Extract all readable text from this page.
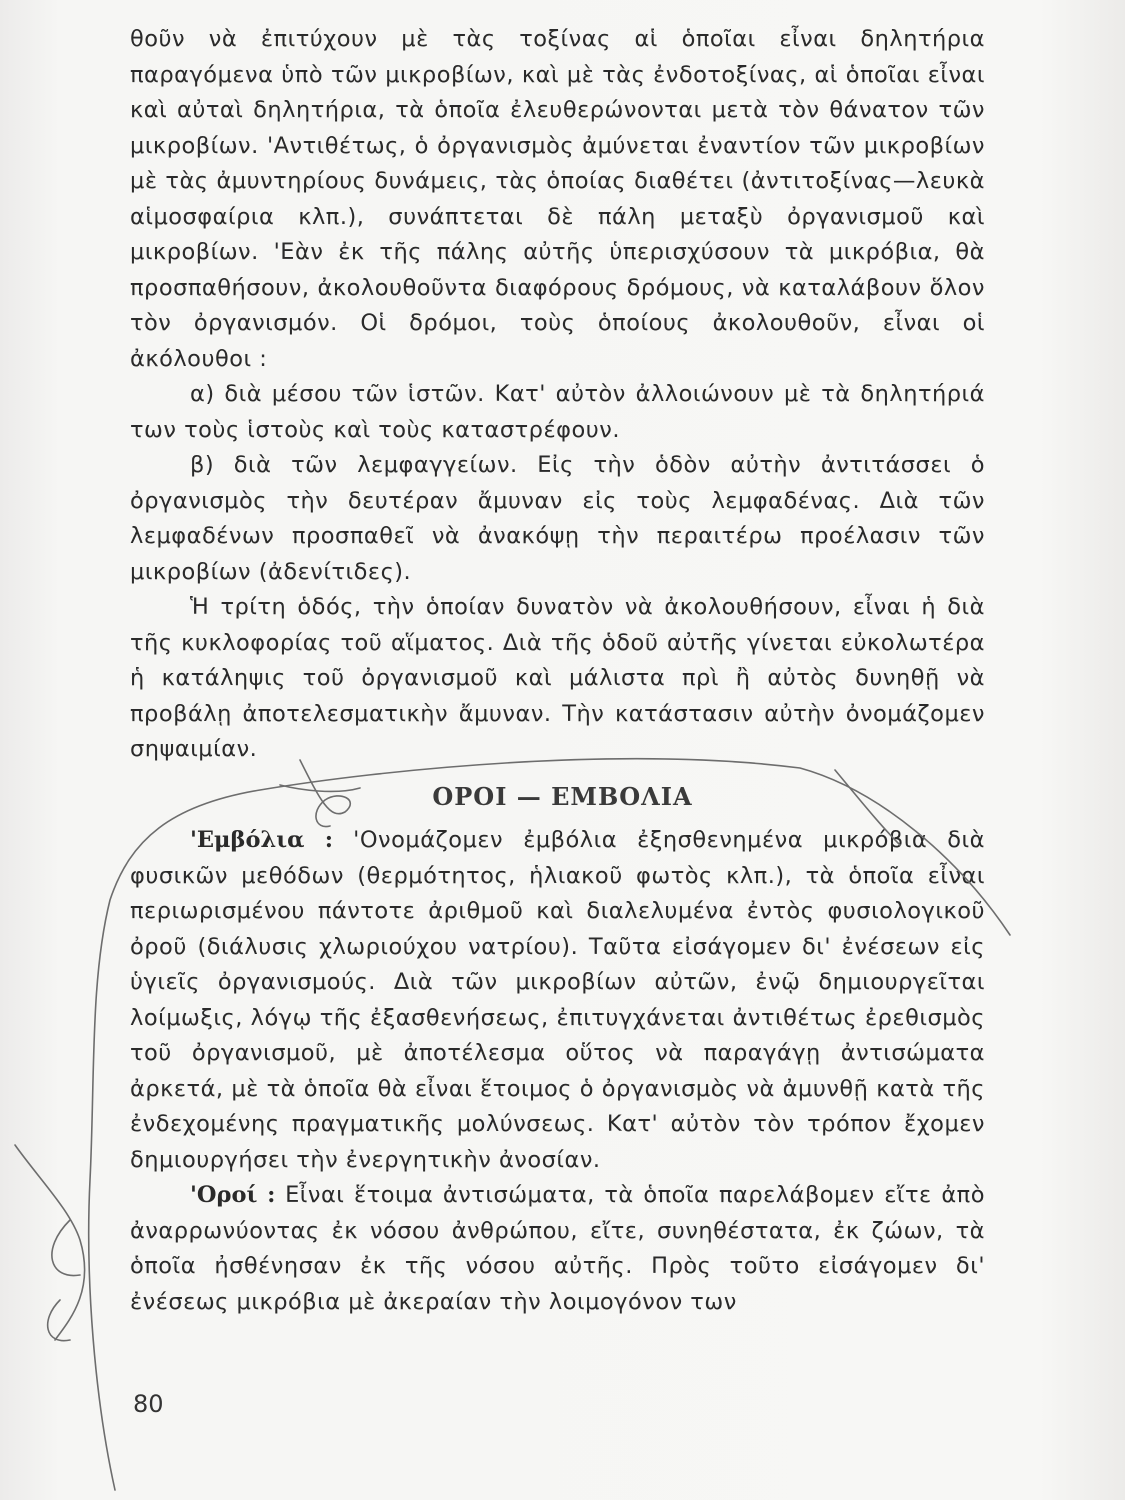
θοῦν νὰ ἐπιτύχουν μὲ τὰς τοξίνας αἱ ὁποῖαι εἶναι δηλητήρια παραγόμενα ὑπὸ τῶν μικροβίων, καὶ μὲ τὰς ἐνδοτοξίνας, αἱ ὁποῖαι εἶναι καὶ αὐταὶ δηλητήρια, τὰ ὁποῖα ἐλευθερώνονται μετὰ τὸν θάνατον τῶν μικροβίων. 'Αντιθέτως, ὁ ὀργανισμὸς ἀμύνεται ἐναντίον τῶν μικροβίων μὲ τὰς ἀμυντηρίους δυνάμεις, τὰς ὁποίας διαθέτει (ἀντιτοξίνας—λευκὰ αἱμοσφαίρια κλπ.), συνάπτεται δὲ πάλη μεταξὺ ὀργανισμοῦ καὶ μικροβίων. 'Εὰν ἐκ τῆς πάλης αὐτῆς ὑπερισχύσουν τὰ μικρόβια, θὰ προσπαθήσουν, ἀκολουθοῦντα διαφόρους δρόμους, νὰ καταλάβουν ὅλον τὸν ὀργανισμόν. Οἱ δρόμοι, τοὺς ὁποίους ἀκολουθοῦν, εἶναι οἱ ἀκόλουθοι :

α) διὰ μέσου τῶν ἱστῶν. Κατ' αὐτὸν ἀλλοιώνουν μὲ τὰ δηλητήριά των τοὺς ἱστοὺς καὶ τοὺς καταστρέφουν.

β) διὰ τῶν λεμφαγγείων. Εἰς τὴν ὁδὸν αὐτὴν ἀντιτάσσει ὁ ὀργανισμὸς τὴν δευτέραν ἄμυναν εἰς τοὺς λεμφαδένας. Διὰ τῶν λεμφαδένων προσπαθεῖ νὰ ἀνακόψῃ τὴν περαιτέρω προέλασιν τῶν μικροβίων (ἀδενίτιδες).

Ἡ τρίτη ὁδός, τὴν ὁποίαν δυνατὸν νὰ ἀκολουθήσουν, εἶναι ἡ διὰ τῆς κυκλοφορίας τοῦ αἵματος. Διὰ τῆς ὁδοῦ αὐτῆς γίνεται εὐκολωτέρα ἡ κατάληψις τοῦ ὀργανισμοῦ καὶ μάλιστα πρὶ ἢ αὐτὸς δυνηθῇ νὰ προβάλῃ ἀποτελεσματικὴν ἄμυναν. Τὴν κατάστασιν αὐτὴν ὀνομάζομεν σηψαιμίαν.

ΟΡΟΙ — ΕΜΒΟΛΙΑ

'Εμβόλια : 'Ονομάζομεν ἐμβόλια ἐξησθενημένα μικρόβια διὰ φυσικῶν μεθόδων (θερμότητος, ἡλιακοῦ φωτὸς κλπ.), τὰ ὁποῖα εἶναι περιωρισμένου πάντοτε ἀριθμοῦ καὶ διαλελυμένα ἐντὸς φυσιολογικοῦ ὀροῦ (διάλυσις χλωριούχου νατρίου). Ταῦτα εἰσάγομεν δι' ἐνέσεων εἰς ὑγιεῖς ὀργανισμούς. Διὰ τῶν μικροβίων αὐτῶν, ἐνῷ δημιουργεῖται λοίμωξις, λόγῳ τῆς ἐξασθενήσεως, ἐπιτυγχάνεται ἀντιθέτως ἐρεθισμὸς τοῦ ὀργανισμοῦ, μὲ ἀποτέλεσμα οὕτος νὰ παραγάγῃ ἀντισώματα ἀρκετά, μὲ τὰ ὁποῖα θὰ εἶναι ἕτοιμος ὁ ὀργανισμὸς νὰ ἀμυνθῇ κατὰ τῆς ἐνδεχομένης πραγματικῆς μολύνσεως. Κατ' αὐτὸν τὸν τρόπον ἔχομεν δημιουργήσει τὴν ἐνεργητικὴν ἀνοσίαν.

'Οροί : Εἶναι ἕτοιμα ἀντισώματα, τὰ ὁποῖα παρελάβομεν εἴτε ἀπὸ ἀναρρωνύοντας ἐκ νόσου ἀνθρώπου, εἴτε, συνηθέστατα, ἐκ ζώων, τὰ ὁποῖα ἠσθένησαν ἐκ τῆς νόσου αὐτῆς. Πρὸς τοῦτο εἰσάγομεν δι' ἐνέσεως μικρόβια μὲ ἀκεραίαν τὴν λοιμογόνον των

80
